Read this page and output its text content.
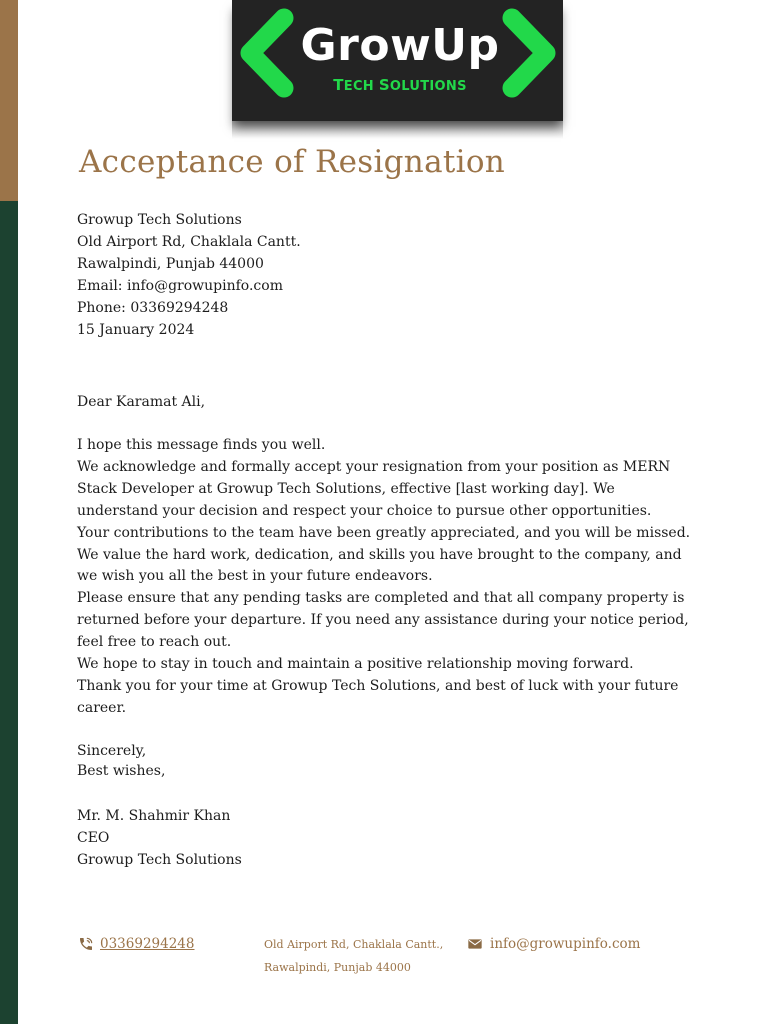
GrowUp
TECH SOLUTIONS
Acceptance of Resignation
Growup Tech Solutions
Old Airport Rd, Chaklala Cantt.
Rawalpindi, Punjab 44000
Email: info@growupinfo.com
Phone: 03369294248
15 January 2024
Dear Karamat Ali,

I hope this message finds you well.

We acknowledge and formally accept your resignation from your position as MERN Stack Developer at Growup Tech Solutions, effective [last working day]. We understand your decision and respect your choice to pursue other opportunities.

Your contributions to the team have been greatly appreciated, and you will be missed. We value the hard work, dedication, and skills you have brought to the company, and we wish you all the best in your future endeavors.

Please ensure that any pending tasks are completed and that all company property is returned before your departure. If you need any assistance during your notice period, feel free to reach out.

We hope to stay in touch and maintain a positive relationship moving forward.

Thank you for your time at Growup Tech Solutions, and best of luck with your future career.

Sincerely,
Best wishes,
Mr. M. Shahmir Khan
CEO
Growup Tech Solutions
03369294248	Old Airport Rd, Chaklala Cantt.,
Rawalpindi, Punjab 44000
info@growupinfo.com
